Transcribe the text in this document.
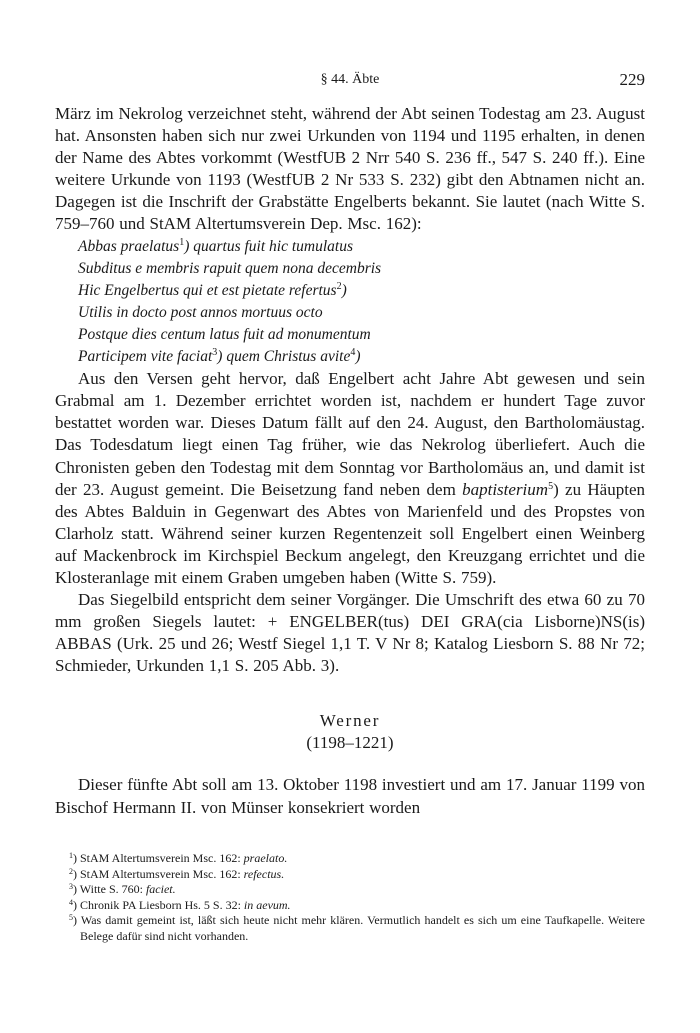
§ 44. Äbte	229

März im Nekrolog verzeichnet steht, während der Abt seinen Todestag am 23. August hat. Ansonsten haben sich nur zwei Urkunden von 1194 und 1195 erhalten, in denen der Name des Abtes vorkommt (WestfUB 2 Nrr 540 S. 236 ff., 547 S. 240 ff.). Eine weitere Urkunde von 1193 (WestfUB 2 Nr 533 S. 232) gibt den Abtnamen nicht an. Dagegen ist die Inschrift der Grabstätte Engelberts bekannt. Sie lautet (nach Witte S. 759–760 und StAM Altertumsverein Dep. Msc. 162):

Abbas praelatus$^1$) quartus fuit hic tumulatus
Subditus e membris rapuit quem nona decembris
Hic Engelbertus qui et est pietate refertus$^2$)
Utilis in docto post annos mortuus octo
Postque dies centum latus fuit ad monumentum
Participem vite faciat$^3$) quem Christus avite$^4$)

Aus den Versen geht hervor, daß Engelbert acht Jahre Abt gewesen und sein Grabmal am 1. Dezember errichtet worden ist, nachdem er hundert Tage zuvor bestattet worden war. Dieses Datum fällt auf den 24. August, den Bartholomäustag. Das Todesdatum liegt einen Tag früher, wie das Nekrolog überliefert. Auch die Chronisten geben den Todestag mit dem Sonntag vor Bartholomäus an, und damit ist der 23. August gemeint. Die Beisetzung fand neben dem baptisterium$^5$) zu Häupten des Abtes Balduin in Gegenwart des Abtes von Marienfeld und des Propstes von Clarholz statt. Während seiner kurzen Regentenzeit soll Engelbert einen Weinberg auf Mackenbrock im Kirchspiel Beckum angelegt, den Kreuzgang errichtet und die Klosteranlage mit einem Graben umgeben haben (Witte S. 759).

Das Siegelbild entspricht dem seiner Vorgänger. Die Umschrift des etwa 60 zu 70 mm großen Siegels lautet: + ENGELBER(tus) DEI GRA(cia Lisborne)NS(is) ABBAS (Urk. 25 und 26; Westf Siegel 1,1 T. V Nr 8; Katalog Liesborn S. 88 Nr 72; Schmieder, Urkunden 1,1 S. 205 Abb. 3).

Werner
(1198–1221)

Dieser fünfte Abt soll am 13. Oktober 1198 investiert und am 17. Januar 1199 von Bischof Hermann II. von Münser konsekriert worden

$^1$) StAM Altertumsverein Msc. 162: praelato.
$^2$) StAM Altertumsverein Msc. 162: refectus.
$^3$) Witte S. 760: faciet.
$^4$) Chronik PA Liesborn Hs. 5 S. 32: in aevum.
$^5$) Was damit gemeint ist, läßt sich heute nicht mehr klären. Vermutlich handelt es sich um eine Taufkapelle. Weitere Belege dafür sind nicht vorhanden.
